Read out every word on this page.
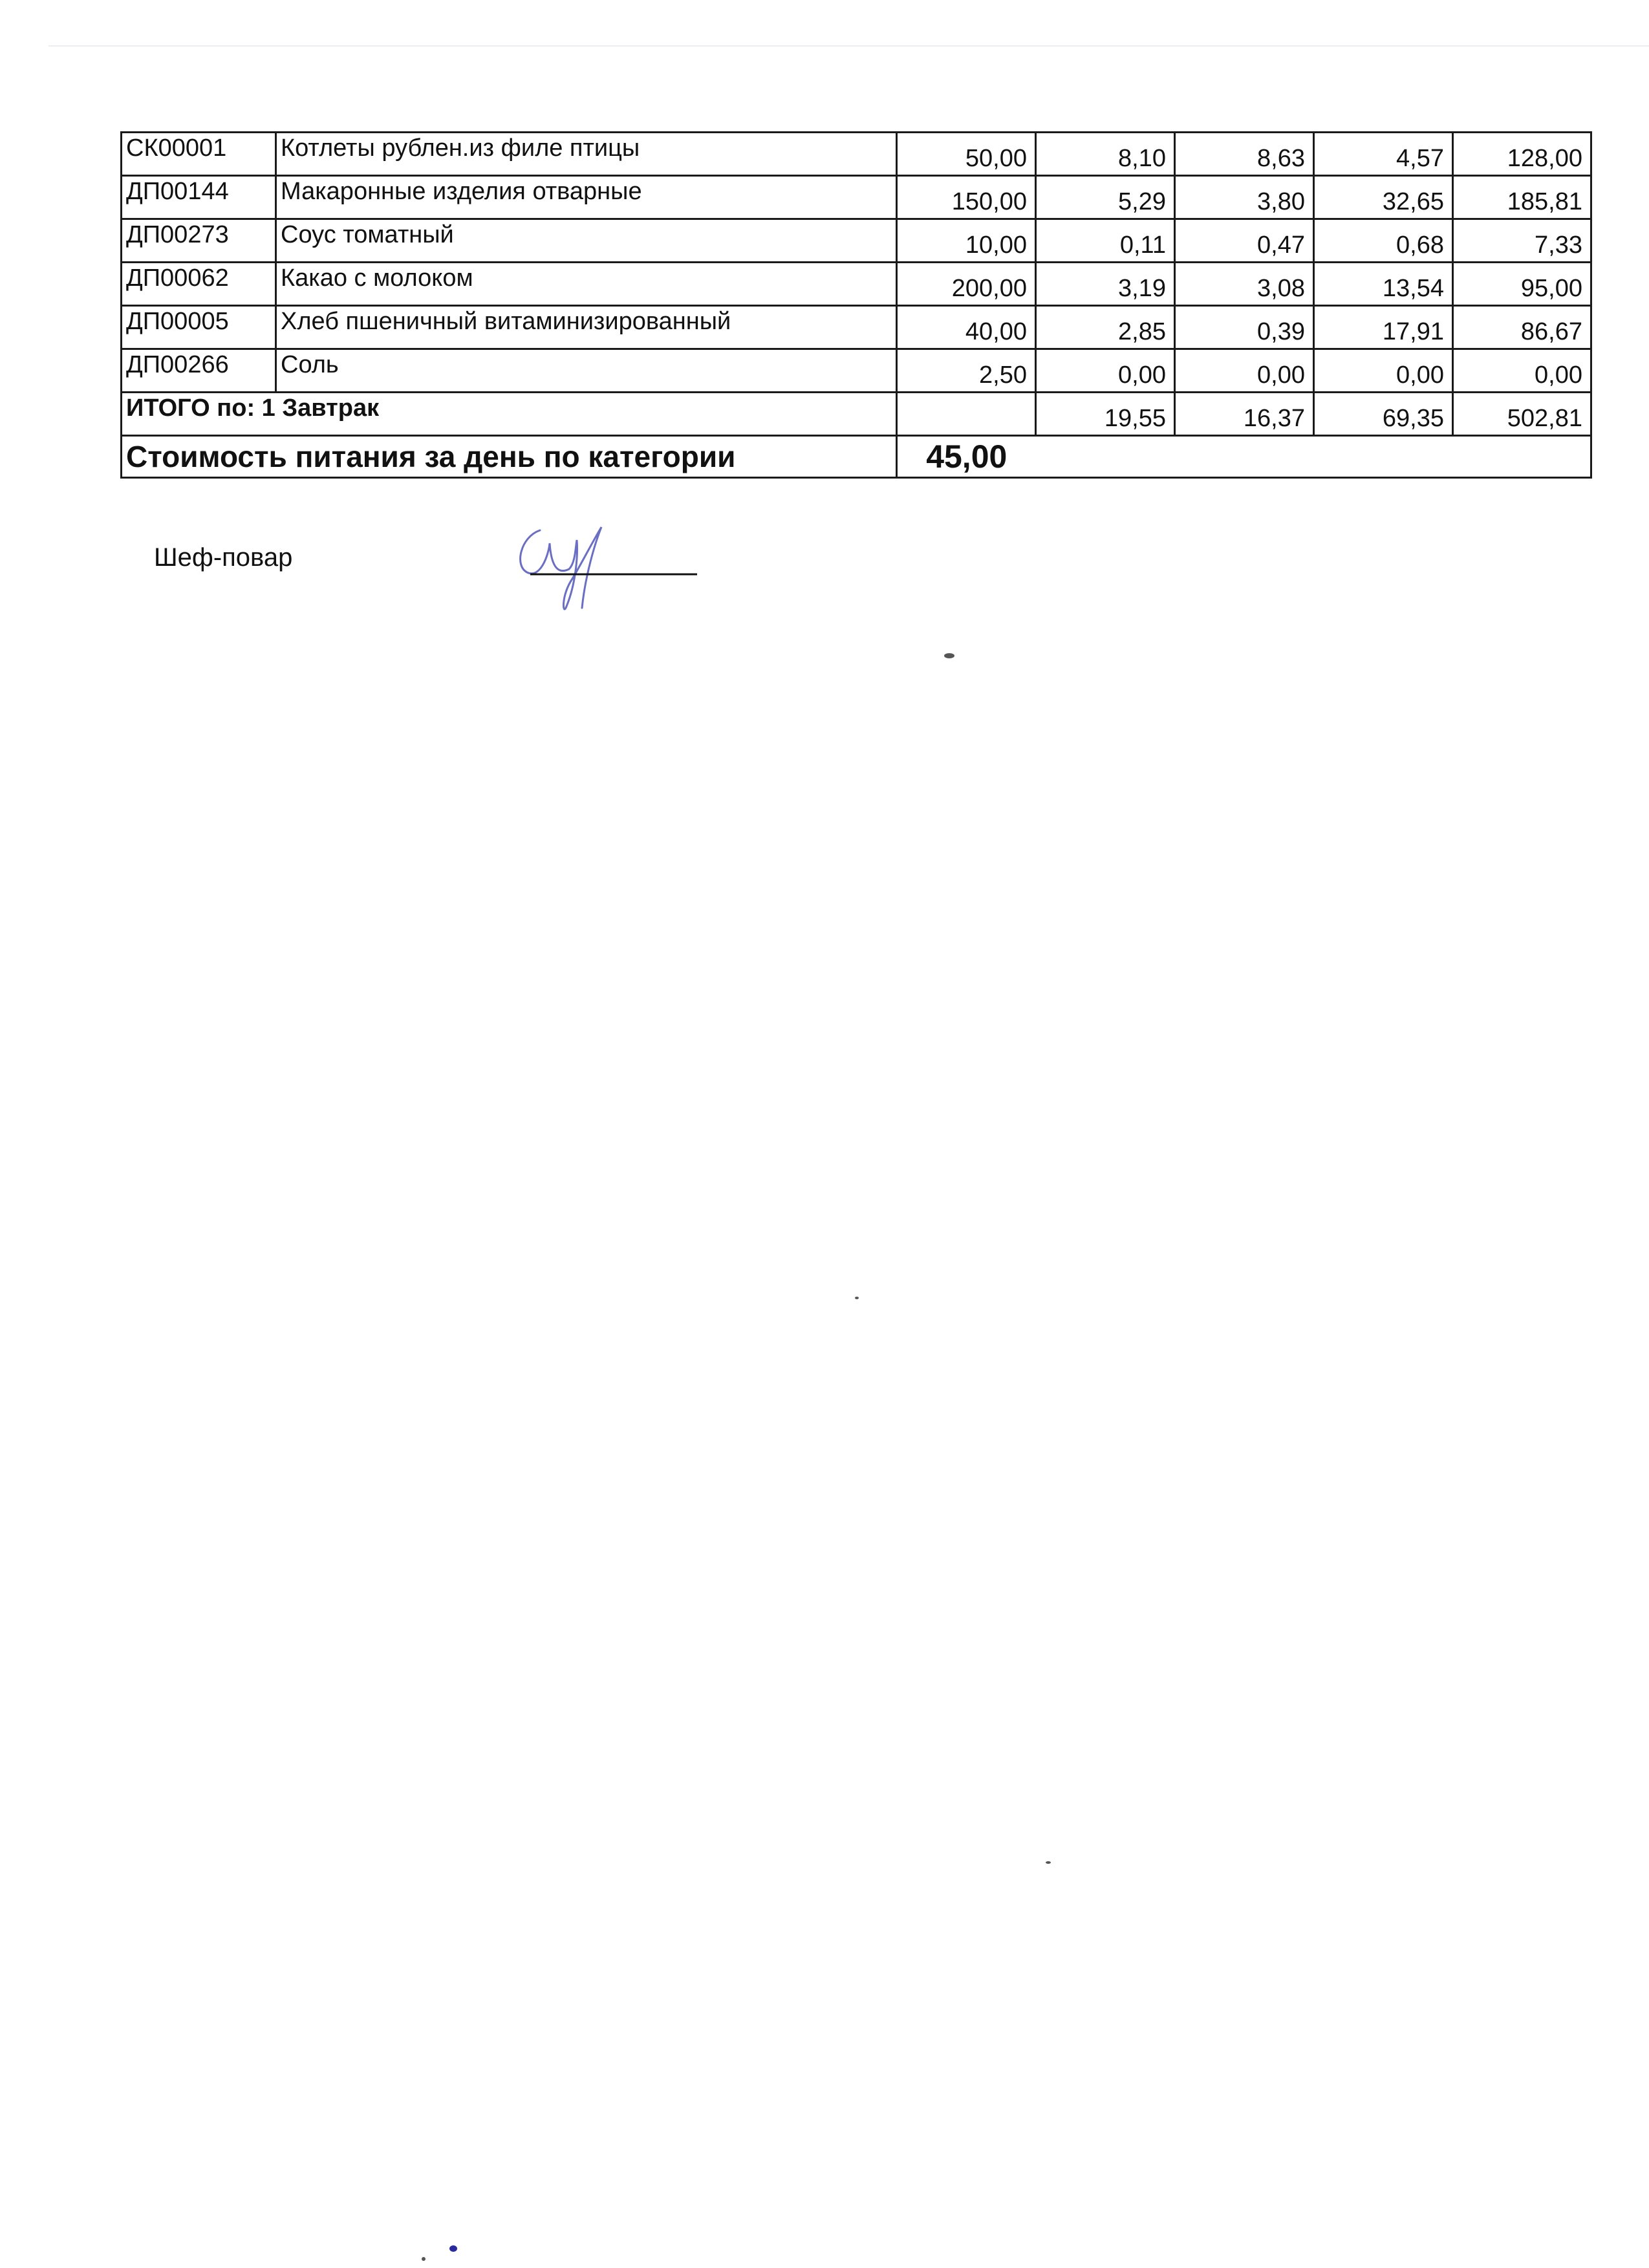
СК00001	Котлеты рублен.из филе птицы	50,00	8,10	8,63	4,57	128,00
ДП00144	Макаронные изделия отварные	150,00	5,29	3,80	32,65	185,81
ДП00273	Соус томатный	10,00	0,11	0,47	0,68	7,33
ДП00062	Какао с молоком	200,00	3,19	3,08	13,54	95,00
ДП00005	Хлеб пшеничный витаминизированный	40,00	2,85	0,39	17,91	86,67
ДП00266	Соль	2,50	0,00	0,00	0,00	0,00
ИТОГО по: 1 Завтрак			19,55	16,37	69,35	502,81
Стоимость питания за день по категории		45,00				
Шеф-повар
